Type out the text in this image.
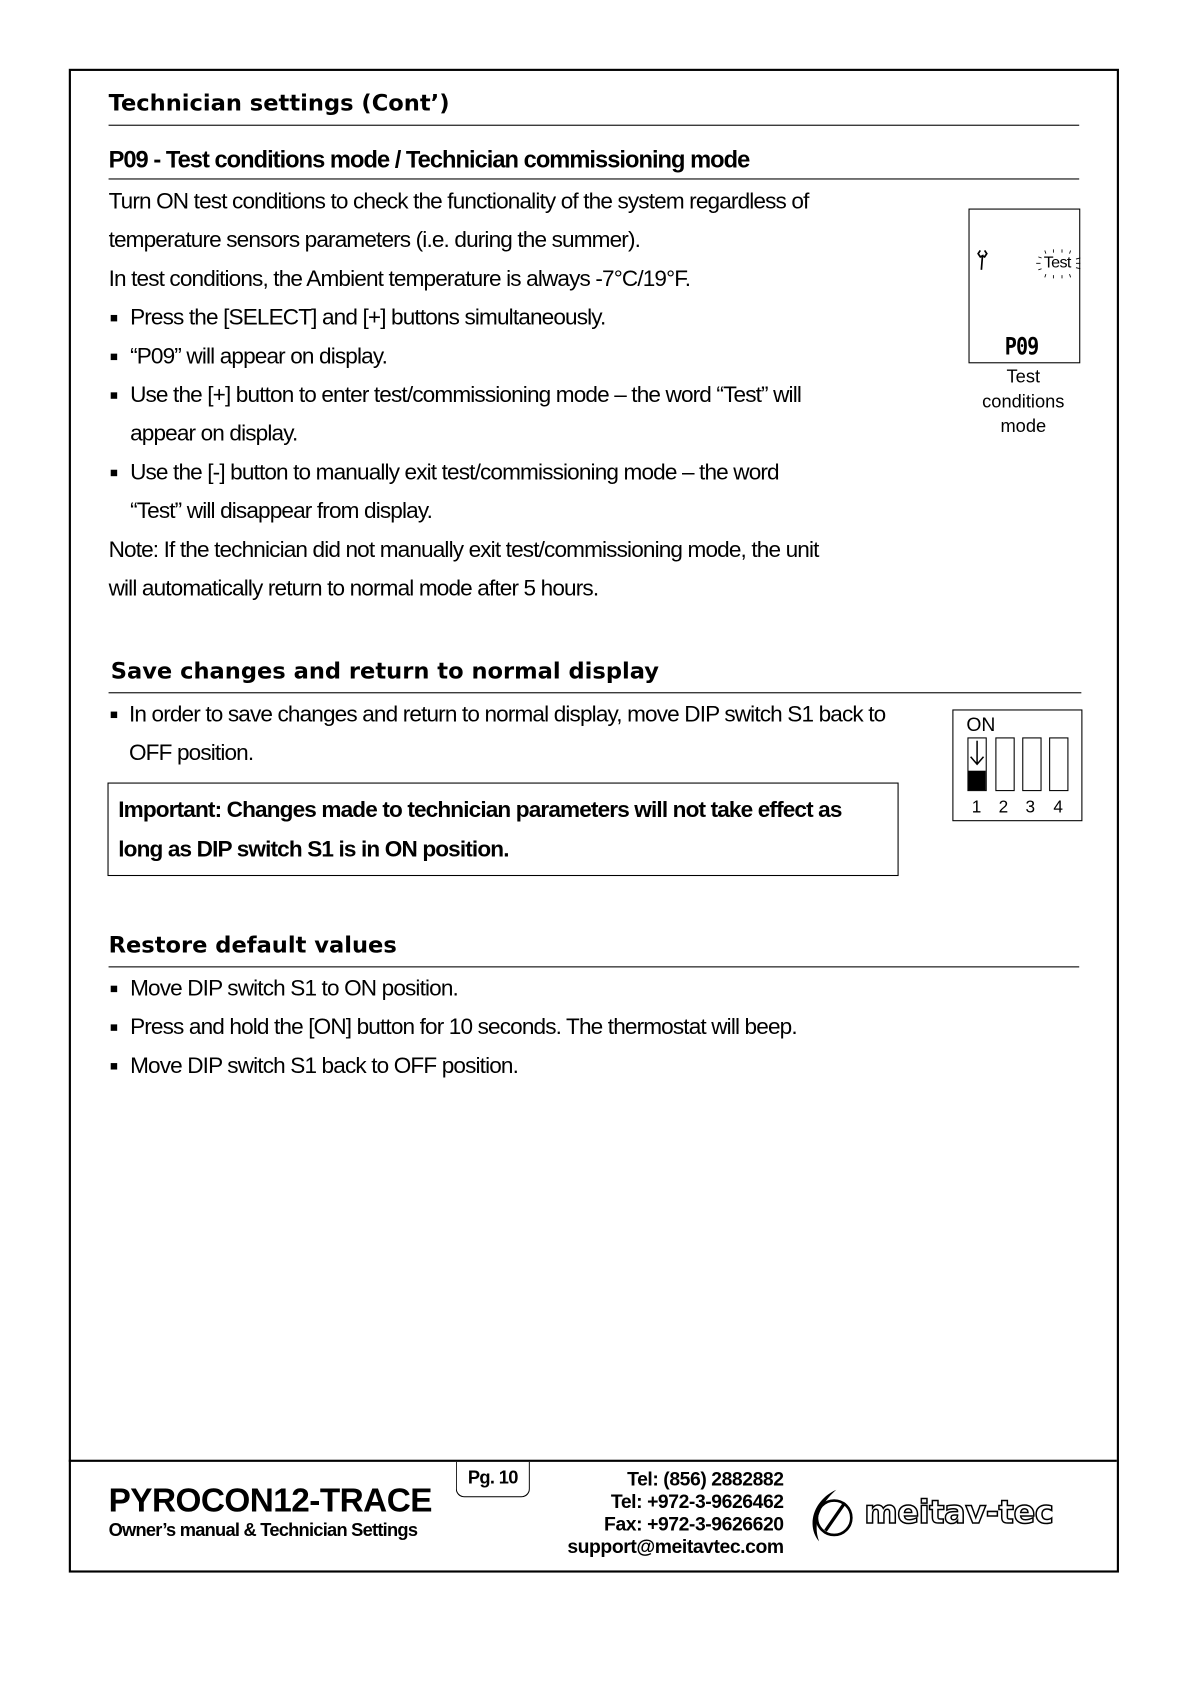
Technician settings (Cont’)
P09 - Test conditions mode / Technician commissioning mode
Turn ON test conditions to check the functionality of the system regardless of
temperature sensors parameters (i.e. during the summer).
In test conditions, the Ambient temperature is always -7°C/19°F.
Press the [SELECT] and [+] buttons simultaneously.
“P09” will appear on display.
Use the [+] button to enter test/commissioning mode – the word “Test” will
appear on display.
Use the [-] button to manually exit test/commissioning mode – the word
“Test” will disappear from display.
Note: If the technician did not manually exit test/commissioning mode, the unit
will automatically return to normal mode after 5 hours.
Test
P09
Test
conditions
mode
Save changes and return to normal display
In order to save changes and return to normal display, move DIP switch S1 back to
OFF position.
Important: Changes made to technician parameters will not take effect as
long as DIP switch S1 is in ON position.
ON
1 2 3 4
Restore default values
Move DIP switch S1 to ON position.
Press and hold the [ON] button for 10 seconds. The thermostat will beep.
Move DIP switch S1 back to OFF position.
PYROCON12-TRACE
Owner’s manual & Technician Settings
Pg. 10	Tel: (856) 2882882
Tel: +972-3-9626462
Fax: +972-3-9626620
support@meitavtec.com
meitav-tec
